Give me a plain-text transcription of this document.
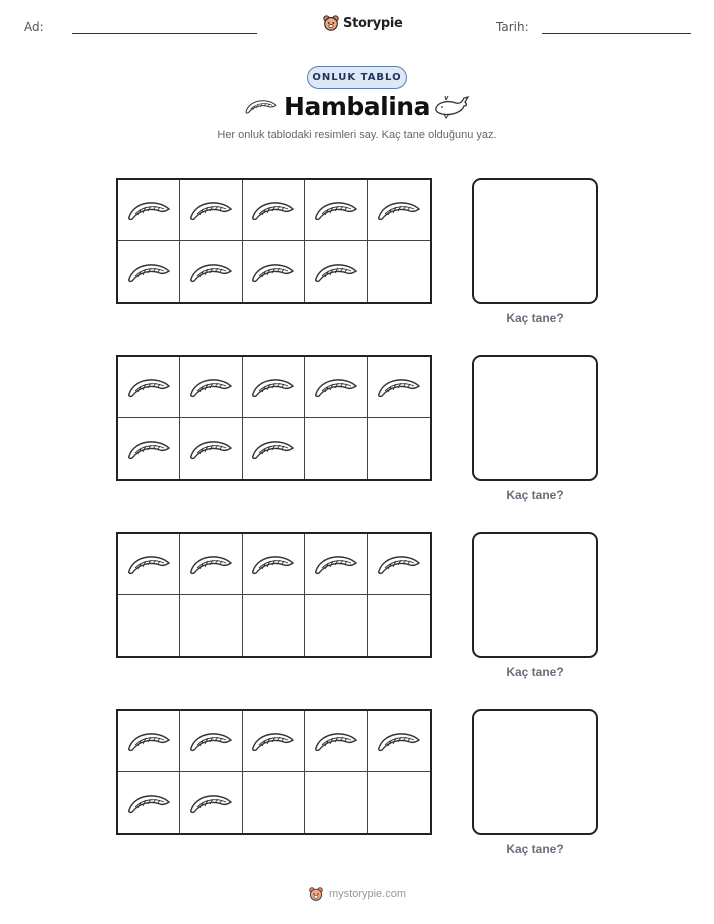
Ad:	Storypie	Tarih:
ONLUK TABLO
Hambalina
Her onluk tablodaki resimleri say. Kaç tane olduğunu yaz.
Kaç tane?
Kaç tane?
Kaç tane?
Kaç tane?
mystorypie.com
